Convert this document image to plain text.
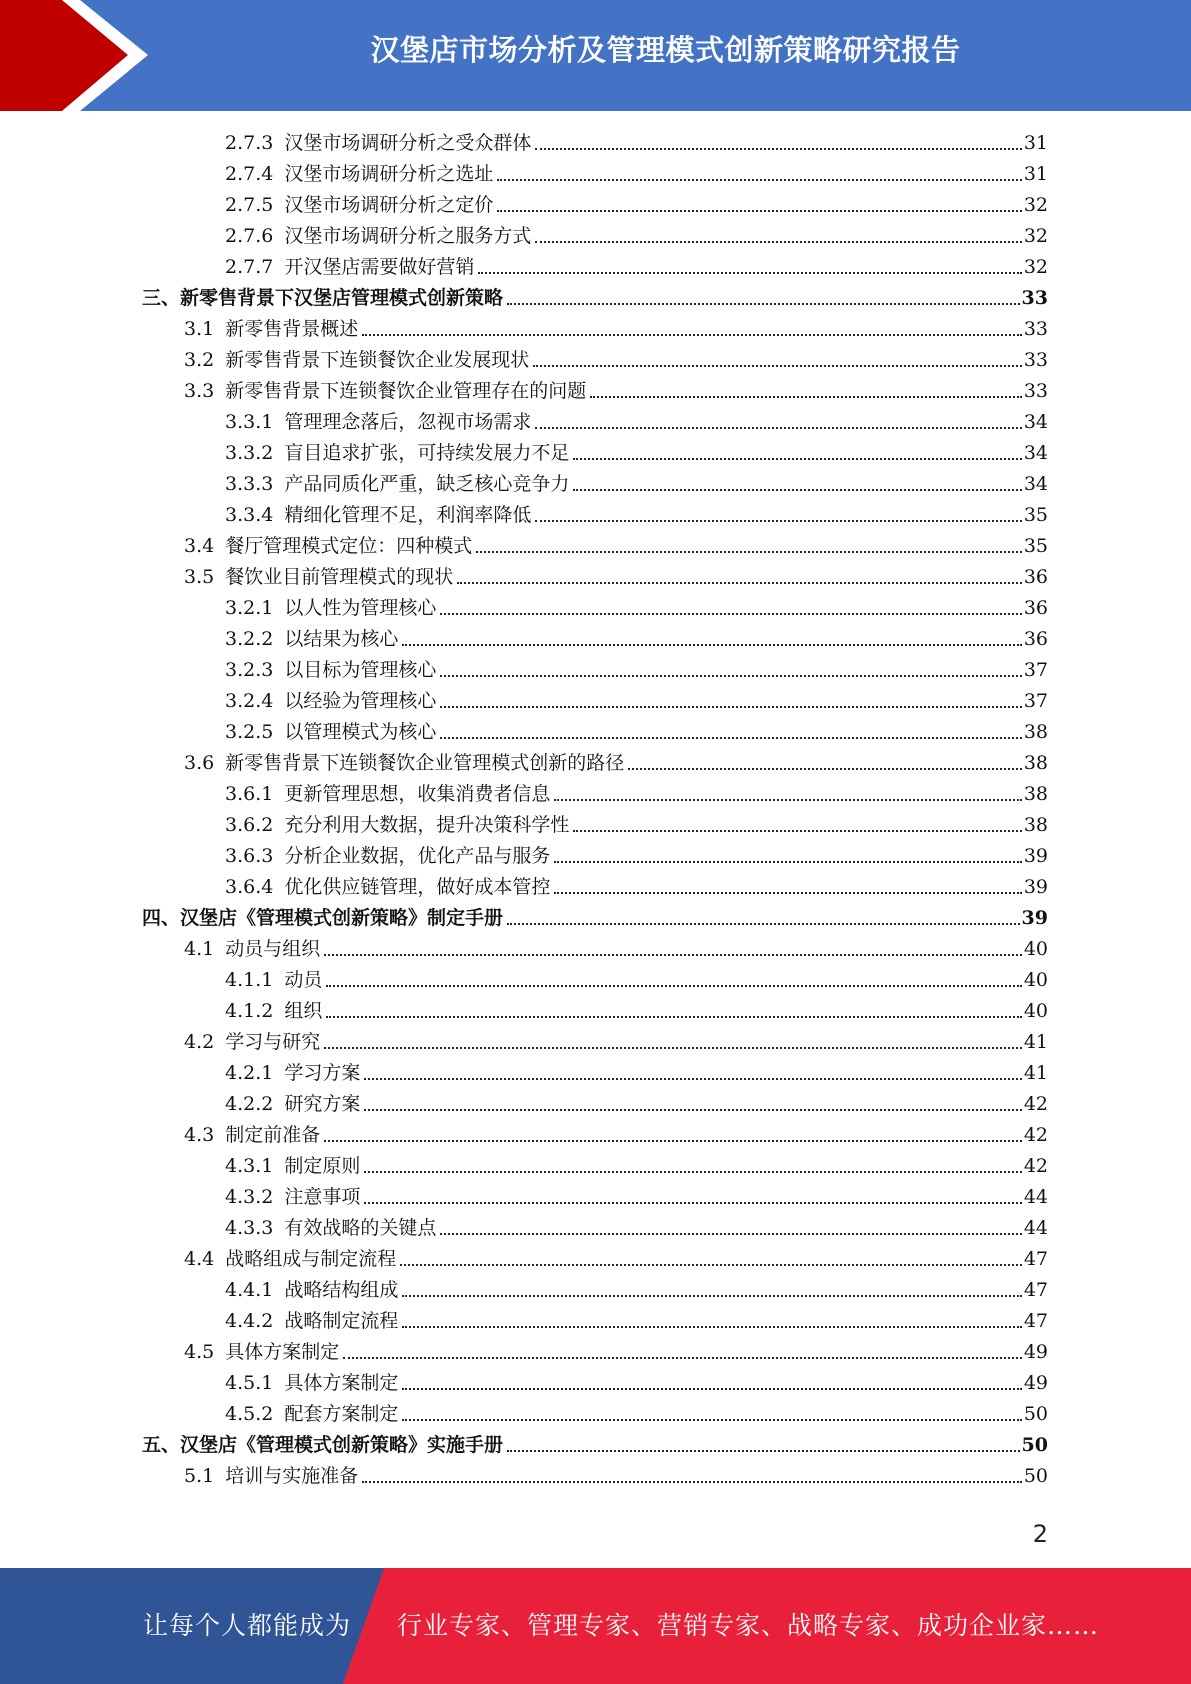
汉堡店市场分析及管理模式创新策略研究报告
2.7.3 汉堡市场调研分析之受众群体	31
2.7.4 汉堡市场调研分析之选址	31
2.7.5 汉堡市场调研分析之定价	32
2.7.6 汉堡市场调研分析之服务方式	32
2.7.7 开汉堡店需要做好营销	32
三、 新零售背景下汉堡店管理模式创新策略	33
3.1 新零售背景概述	33
3.2 新零售背景下连锁餐饮企业发展现状	33
3.3 新零售背景下连锁餐饮企业管理存在的问题	33
3.3.1 管理理念落后，忽视市场需求	34
3.3.2 盲目追求扩张，可持续发展力不足	34
3.3.3 产品同质化严重，缺乏核心竞争力	34
3.3.4 精细化管理不足，利润率降低	35
3.4 餐厅管理模式定位：四种模式	35
3.5 餐饮业目前管理模式的现状	36
3.2.1 以人性为管理核心	36
3.2.2 以结果为核心	36
3.2.3 以目标为管理核心	37
3.2.4 以经验为管理核心	37
3.2.5 以管理模式为核心	38
3.6 新零售背景下连锁餐饮企业管理模式创新的路径	38
3.6.1 更新管理思想，收集消费者信息	38
3.6.2 充分利用大数据，提升决策科学性	38
3.6.3 分析企业数据，优化产品与服务	39
3.6.4 优化供应链管理，做好成本管控	39
四、 汉堡店《管理模式创新策略》制定手册	39
4.1 动员与组织	40
4.1.1 动员	40
4.1.2 组织	40
4.2 学习与研究	41
4.2.1 学习方案	41
4.2.2 研究方案	42
4.3 制定前准备	42
4.3.1 制定原则	42
4.3.2 注意事项	44
4.3.3 有效战略的关键点	44
4.4 战略组成与制定流程	47
4.4.1 战略结构组成	47
4.4.2 战略制定流程	47
4.5 具体方案制定	49
4.5.1 具体方案制定	49
4.5.2 配套方案制定	50
五、 汉堡店《管理模式创新策略》实施手册	50
5.1 培训与实施准备	50
2
让每个人都能成为 行业专家、管理专家、营销专家、战略专家、成功企业家……
